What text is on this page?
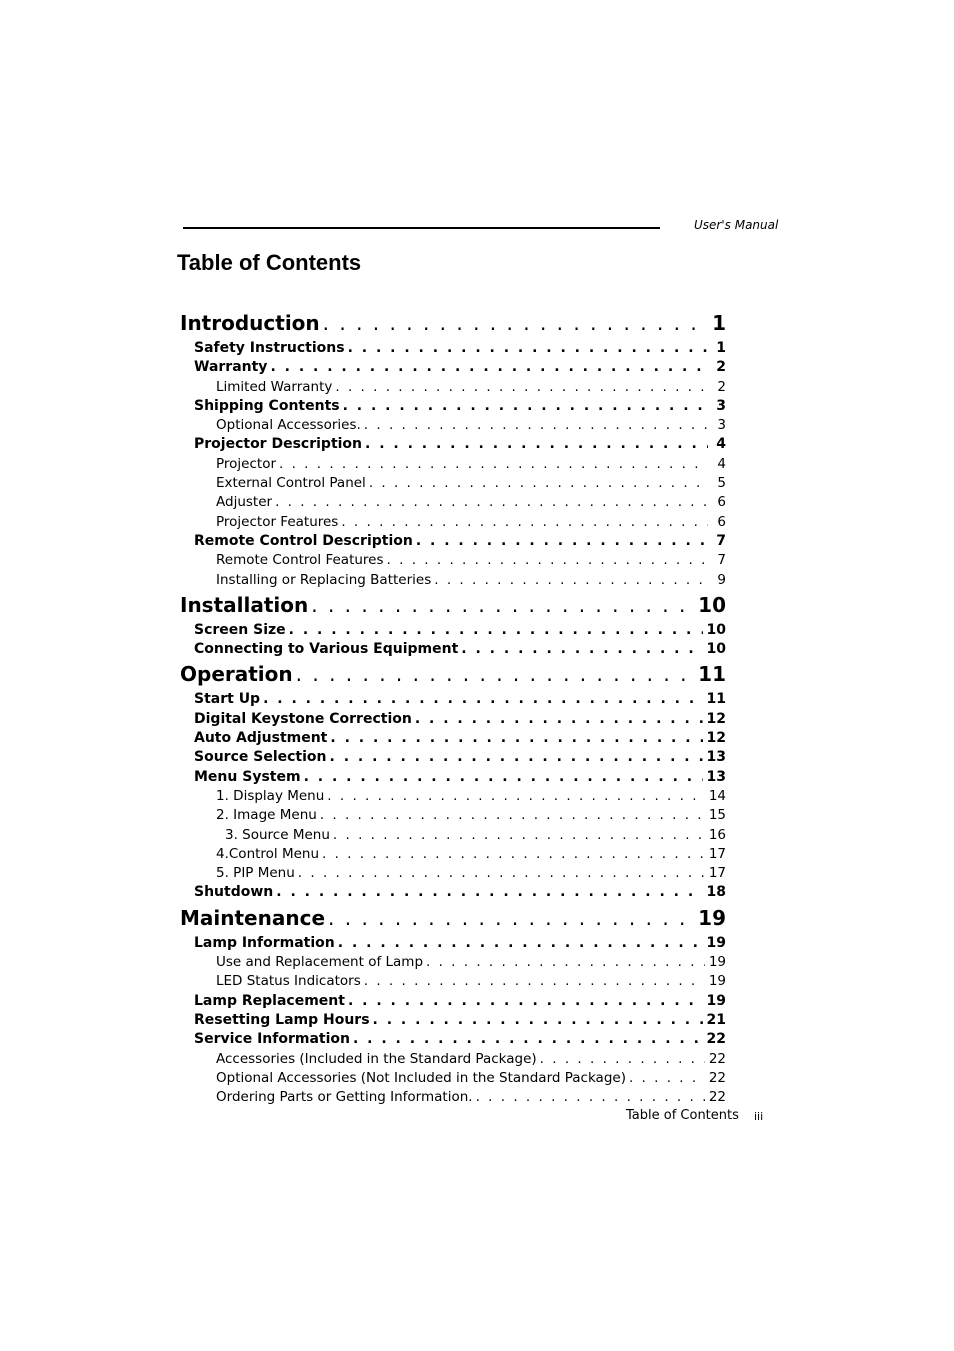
User's Manual
Table of Contents
Introduction . . .	1
Safety Instructions . . .	1
Warranty . . .	2
Limited Warranty . . .	2
Shipping Contents . . .	3
Optional Accessories. . . .	3
Projector Description . . .	4
Projector . . .	4
External Control Panel . . .	5
Adjuster . . .	6
Projector Features . . .	6
Remote Control Description . . .	7
Remote Control Features . . .	7
Installing or Replacing Batteries . . .	9
Installation . . .	10
Screen Size . . .	10
Connecting to Various Equipment . . .	10
Operation . . .	11
Start Up . . .	11
Digital Keystone Correction . . .	12
Auto Adjustment . . .	12
Source Selection . . .	13
Menu System . . .	13
1. Display Menu . . .	14
2. Image Menu . . .	15
3. Source Menu . . .	16
4.Control Menu . . .	17
5. PIP Menu . . .	17
Shutdown . . .	18
Maintenance . . .	19
Lamp Information . . .	19
Use and Replacement of Lamp . . .	19
LED Status Indicators . . .	19
Lamp Replacement . . .	19
Resetting Lamp Hours . . .	21
Service Information . . .	22
Accessories (Included in the Standard Package) . . .	22
Optional Accessories (Not Included in the Standard Package) . . .	22
Ordering Parts or Getting Information. . . .	22
Table of Contents iii
